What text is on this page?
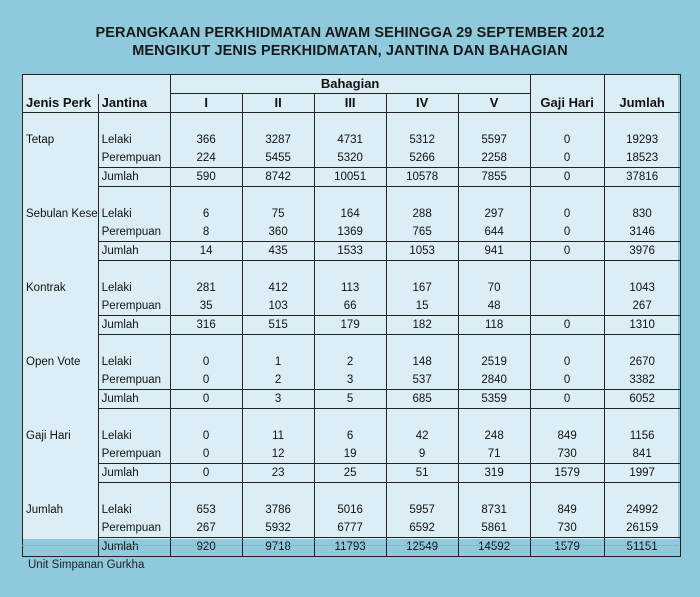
PERANGKAAN PERKHIDMATAN AWAM SEHINGGA 29 SEPTEMBER 2012
MENGIKUT JENIS PERKHIDMATAN, JANTINA DAN BAHAGIAN
		Bahagian						
Jenis Perk	Jantina	I	II	III	IV	V	Gaji Hari	Jumlah

Tetap	Lelaki	366	3287	4731	5312	5597	0	19293
	Perempuan	224	5455	5320	5266	2258	0	18523
	Jumlah	590	8742	10051	10578	7855	0	37816

Sebulan Kese	Lelaki	6	75	164	288	297	0	830
	Perempuan	8	360	1369	765	644	0	3146
	Jumlah	14	435	1533	1053	941	0	3976

Kontrak	Lelaki	281	412	113	167	70		1043
	Perempuan	35	103	66	15	48		267
	Jumlah	316	515	179	182	118	0	1310

Open Vote	Lelaki	0	1	2	148	2519	0	2670
	Perempuan	0	2	3	537	2840	0	3382
	Jumlah	0	3	5	685	5359	0	6052

Gaji Hari	Lelaki	0	11	6	42	248	849	1156
	Perempuan	0	12	19	9	71	730	841
	Jumlah	0	23	25	51	319	1579	1997

Jumlah	Lelaki	653	3786	5016	5957	8731	849	24992
	Perempuan	267	5932	6777	6592	5861	730	26159
	Jumlah	920	9718	11793	12549	14592	1579	51151
Unit Simpanan Gurkha
